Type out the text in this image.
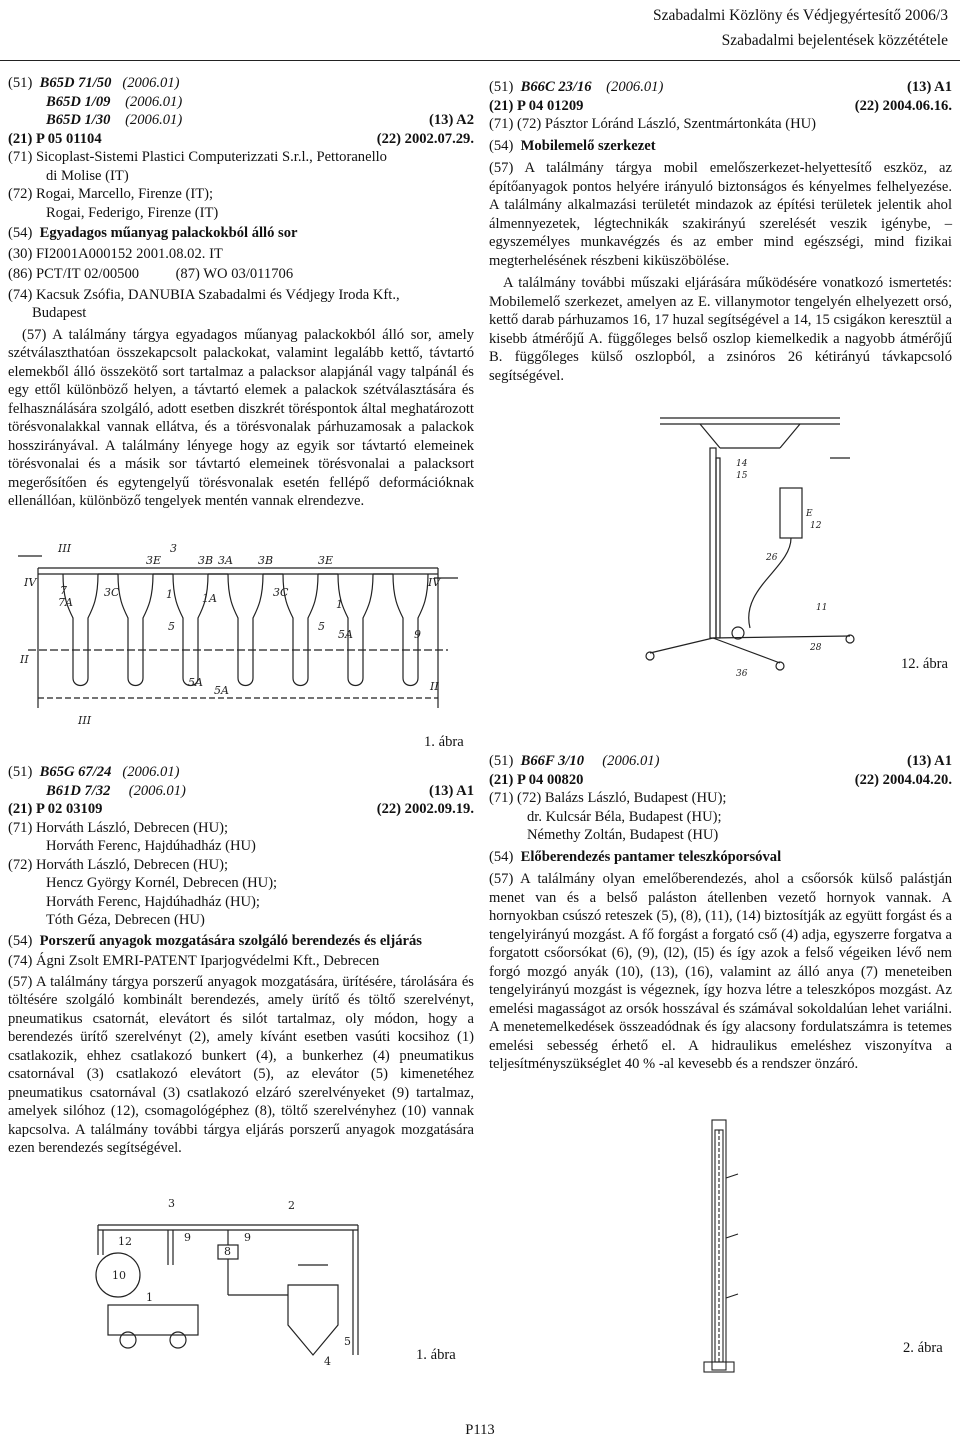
Szabadalmi Közlöny és Védjegyértesítő 2006/3
Szabadalmi bejelentések közzététele
(51) B65D 71/50 (2006.01)
B65D 1/09 (2006.01)
B65D 1/30 (2006.01)	(13) A2
(21) P 05 01104	(22) 2002.07.29.
(71) Sicoplast-Sistemi Plastici Computerizzati S.r.l., Pettoranello
di Molise (IT)
(72) Rogai, Marcello, Firenze (IT);
Rogai, Federigo, Firenze (IT)
(54) Egyadagos műanyag palackokból álló sor
(30) FI2001A000152 2001.08.02. IT
(86) PCT/IT 02/00500 (87) WO 03/011706
(74) Kacsuk Zsófia, DANUBIA Szabadalmi és Védjegy Iroda Kft.,
Budapest

(57) A találmány tárgya egyadagos műanyag palackokból álló sor, amely szétválaszthatóan összekapcsolt palackokat, valamint legalább kettő, távtartó elemekből álló összekötő sort tartalmaz a palacksor alapjánál vagy talpánál és egy ettől különböző helyen, a távtartó elemek a palackok szétválasztására és felhasználására szolgáló, adott esetben diszkrét töréspontok által meghatározott törésvonalakkal vannak ellátva, és a törésvonalak párhuzamosak a palackok hosszirányával. A találmány lényege hogy az egyik sor távtartó elemeinek törésvonalai és a másik sor távtartó elemeinek törésvonalai a palacksort megerősítően és egytengelyű törésvonalak esetén fellépő deformációknak ellenállóan, különböző tengelyek mentén vannak elrendezve.

III
IV	IV
III
II
II
3E
3
3B 3A 3B	3E
3C	3C
1	1A	1
7
7A
5	5
5A
5A
5A	9
1. ábra
(51) B65G 67/24 (2006.01)
B61D 7/32 (2006.01)	(13) A1
(21) P 02 03109	(22) 2002.09.19.
(71) Horváth László, Debrecen (HU);
Horváth Ferenc, Hajdúhadház (HU)
(72) Horváth László, Debrecen (HU);
Hencz György Kornél, Debrecen (HU);
Horváth Ferenc, Hajdúhadház (HU);
Tóth Géza, Debrecen (HU)
(54) Porszerű anyagok mozgatására szolgáló berendezés és eljárás
(74) Ágni Zsolt EMRI-PATENT Iparjogvédelmi Kft., Debrecen

(57) A találmány tárgya porszerű anyagok mozgatására, ürítésére, tárolására és töltésére szolgáló kombinált berendezés, amely ürítő és töltő szerelvényt, pneumatikus csatornát, elevátort és silót tartalmaz, oly módon, hogy a berendezés ürítő szerelvényt (2), amely kívánt esetben vasúti kocsihoz (1) csatlakozik, ehhez csatlakozó bunkert (4), a bunkerhez (4) pneumatikus csatornával (3) csatlakozó elevátort (5), az elevátor (5) kimenetéhez pneumatikus csatornával (3) csatlakozó elzáró szerelvényeket (9) tartalmaz, amelyek silóhoz (12), csomagológéphez (8), töltő szerelvényhez (10) vannak kapcsolva. A találmány további tárgya eljárás porszerű anyagok mozgatására ezen berendezés segítségével.

3	2
12	9	9
8
10
1
5
4	1. ábra
(51) B66C 23/16 (2006.01)	(13) A1
(21) P 04 01209	(22) 2004.06.16.
(71) (72) Pásztor Lóránd László, Szentmártonkáta (HU)
(54) Mobilemelő szerkezet

(57) A találmány tárgya mobil emelőszerkezet-helyettesítő eszköz, az építőanyagok pontos helyére irányuló biztonságos és kényelmes felhelyezése. A találmány alkalmazási területét mindazok az építési területek jelentik ahol álmennyezetek, légtechnikák szakirányú szerelését veszik igénybe, – egyszemélyes munkavégzés és az ember mind egészségi, mind fizikai megterhelésének részbeni kiküszöbölése.

A találmány további műszaki eljárására működésére vonatkozó ismertetés: Mobilemelő szerkezet, amelyen az E. villanymotor tengelyén elhelyezett orsó, kettő darab párhuzamos 16, 17 huzal segítségével a 14, 15 csigákon keresztül a kisebb átmérőjű A. függőleges belső oszlop kiemelkedik a nagyobb átmérőjű B. függőleges külső oszlopból, a zsinóros 26 kétirányú távkapcsoló segítségével.

14
15
E
26
12
11
28
36
12. ábra
(51) B66F 3/10 (2006.01)	(13) A1
(21) P 04 00820	(22) 2004.04.20.
(71) (72) Balázs László, Budapest (HU);
dr. Kulcsár Béla, Budapest (HU);
Némethy Zoltán, Budapest (HU)
(54) Előberendezés pantamer teleszkóporsóval

(57) A találmány olyan emelőberendezés, ahol a csőorsók külső palástján menet van és a belső paláston átellenben vezető hornyok vannak. A hornyokban csúszó reteszek (5), (8), (11), (14) biztosítják az együtt forgást és a tengelyirányú mozgást. A fő forgást a forgató cső (4) adja, egyszerre forgatva a forgatott csőorsókat (6), (9), (l2), (l5) és így azok a felső végeiken lévő nem forgó mozgó anyák (10), (13), (16), valamint az álló anya (7) meneteiben tengelyirányú mozgást is végeznek, így hozva létre a teleszkópos mozgást. Az emelési magasságot az orsók hosszával és számával sokoldalúan lehet variálni. A menetemelkedések összeadódnak és így alacsony fordulatszámra is tetemes emelési sebesség érhető el. A hidraulikus emeléshez viszonyítva a teljesítményszükséglet 40 % -al kevesebb és a rendszer önzáró.

2. ábra
P113
